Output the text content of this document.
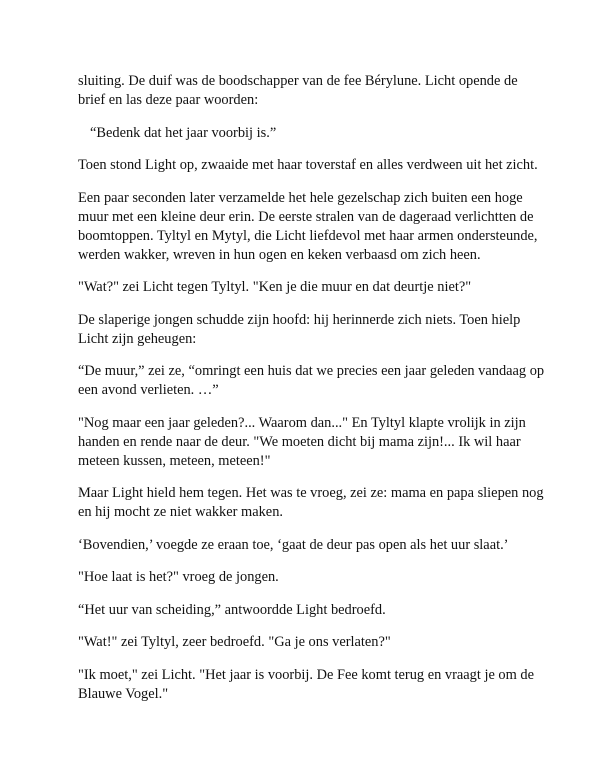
sluiting. De duif was de boodschapper van de fee Bérylune. Licht opende de brief en las deze paar woorden:

“Bedenk dat het jaar voorbij is.”

Toen stond Light op, zwaaide met haar toverstaf en alles verdween uit het zicht.

Een paar seconden later verzamelde het hele gezelschap zich buiten een hoge muur met een kleine deur erin. De eerste stralen van de dageraad verlichtten de boomtoppen. Tyltyl en Mytyl, die Licht liefdevol met haar armen ondersteunde, werden wakker, wreven in hun ogen en keken verbaasd om zich heen.

"Wat?" zei Licht tegen Tyltyl. "Ken je die muur en dat deurtje niet?"

De slaperige jongen schudde zijn hoofd: hij herinnerde zich niets. Toen hielp Licht zijn geheugen:

“De muur,” zei ze, “omringt een huis dat we precies een jaar geleden vandaag op een avond verlieten. …”

"Nog maar een jaar geleden?... Waarom dan..." En Tyltyl klapte vrolijk in zijn handen en rende naar de deur. "We moeten dicht bij mama zijn!... Ik wil haar meteen kussen, meteen, meteen!"

Maar Light hield hem tegen. Het was te vroeg, zei ze: mama en papa sliepen nog en hij mocht ze niet wakker maken.

‘Bovendien,’ voegde ze eraan toe, ‘gaat de deur pas open als het uur slaat.’

"Hoe laat is het?" vroeg de jongen.

“Het uur van scheiding,” antwoordde Light bedroefd.

"Wat!" zei Tyltyl, zeer bedroefd. "Ga je ons verlaten?"

"Ik moet," zei Licht. "Het jaar is voorbij. De Fee komt terug en vraagt je om de Blauwe Vogel."
